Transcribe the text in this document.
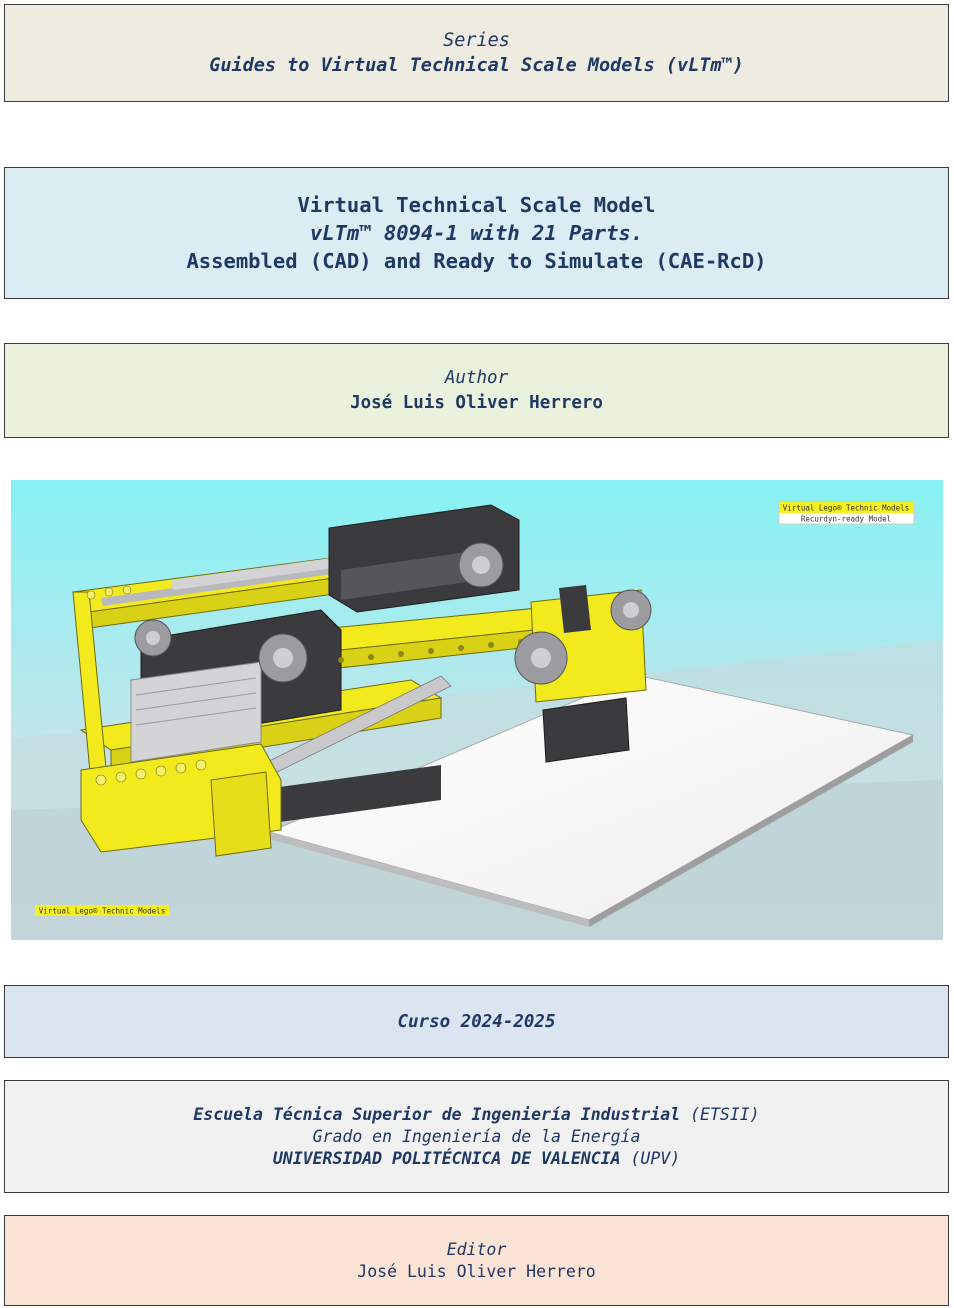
Series
Guides to Virtual Technical Scale Models (vLTm™)
Virtual Technical Scale Model
vLTm™ 8094-1 with 21 Parts.
Assembled (CAD) and Ready to Simulate (CAE-RcD)
Author
José Luis Oliver Herrero
Virtual Lego® Technic Models
Recurdyn-ready Model
Virtual Lego® Technic Models
Curso 2024-2025
Escuela Técnica Superior de Ingeniería Industrial (ETSII)
Grado en Ingeniería de la Energía
UNIVERSIDAD POLITÉCNICA DE VALENCIA (UPV)
Editor
José Luis Oliver Herrero
